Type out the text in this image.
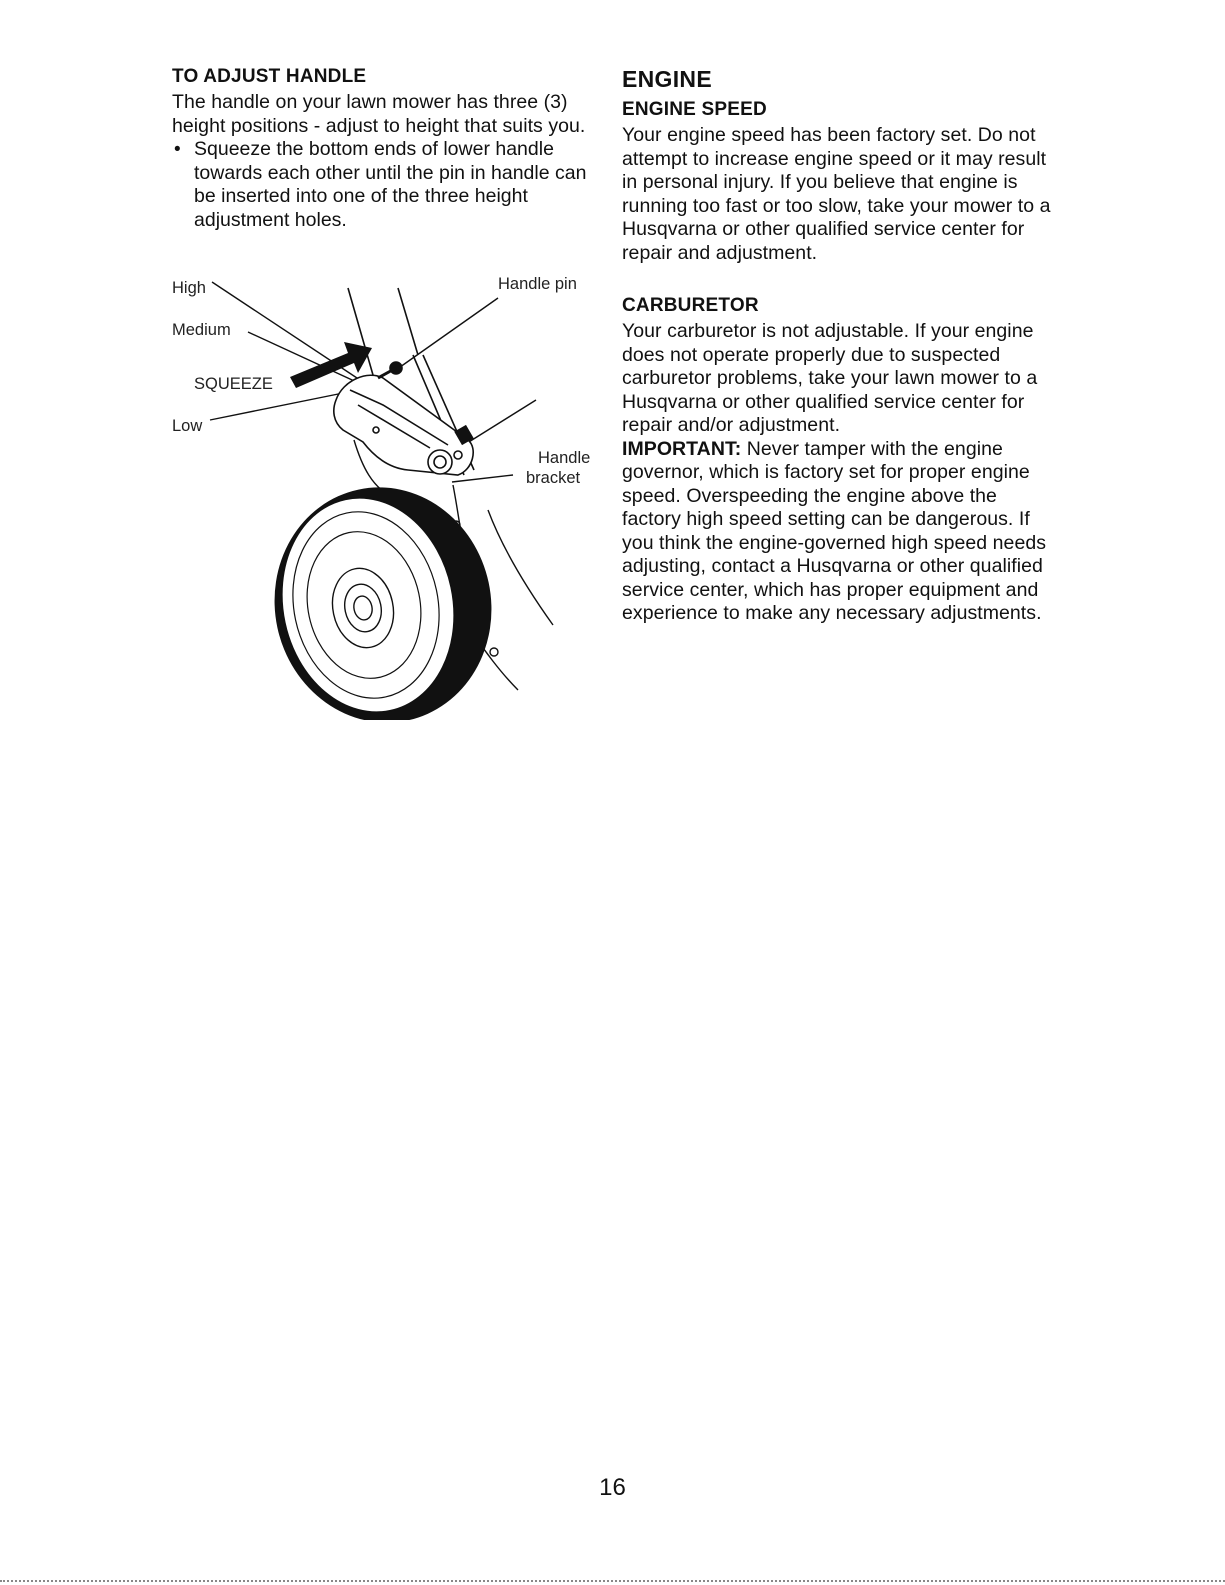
TO ADJUST HANDLE

The handle on your lawn mower has three (3) height positions - adjust to height that suits you.

• Squeeze the bottom ends of lower handle towards each other until the pin in handle can be inserted into one of the three height adjustment holes.
High
Medium
SQUEEZE
Low
Handle pin
Handle
bracket
ENGINE
ENGINE SPEED

Your engine speed has been factory set. Do not attempt to increase engine speed or it may result in personal injury. If you believe that engine is running too fast or too slow, take your mower to a Husqvarna or other qualified service center for repair and adjustment.

CARBURETOR

Your carburetor is not adjustable. If your engine does not operate properly due to suspected carburetor problems, take your lawn mower to a Husqvarna or other qualified service center for repair and/or adjustment.

IMPORTANT: Never tamper with the engine governor, which is factory set for proper engine speed. Overspeeding the engine above the factory high speed setting can be dangerous. If you think the engine-governed high speed needs adjusting, contact a Husqvarna or other qualified service center, which has proper equipment and experience to make any necessary adjustments.

16
